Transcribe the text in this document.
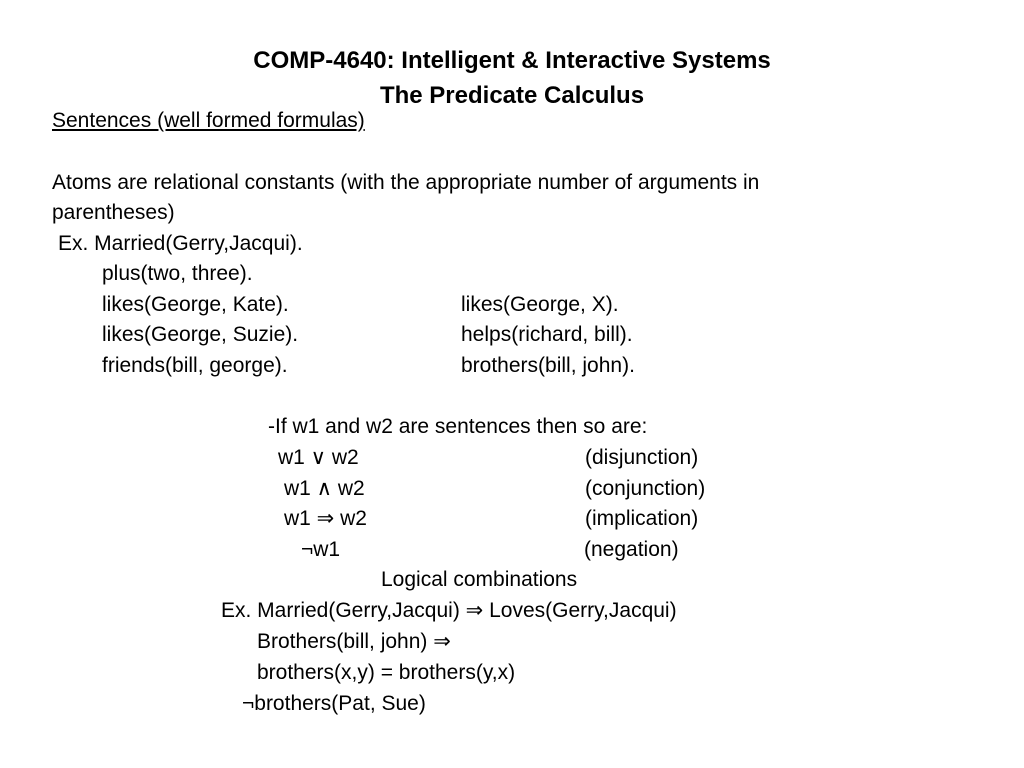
COMP-4640: Intelligent & Interactive Systems
The Predicate Calculus
Sentences (well formed formulas)
Atoms are relational constants (with the appropriate number of arguments in
parentheses)
Ex. Married(Gerry,Jacqui).
plus(two, three).
likes(George, Kate).	likes(George, X).
likes(George, Suzie).	helps(richard, bill).
friends(bill, george).	brothers(bill, john).
-If w1 and w2 are sentences then so are:
w1 ∨ w2	(disjunction)
w1 ∧ w2	(conjunction)
w1 ⇒ w2	(implication)
¬w1	(negation)
Logical combinations
Ex. Married(Gerry,Jacqui) ⇒ Loves(Gerry,Jacqui)
Brothers(bill, john) ⇒
brothers(x,y) = brothers(y,x)
¬brothers(Pat, Sue)
